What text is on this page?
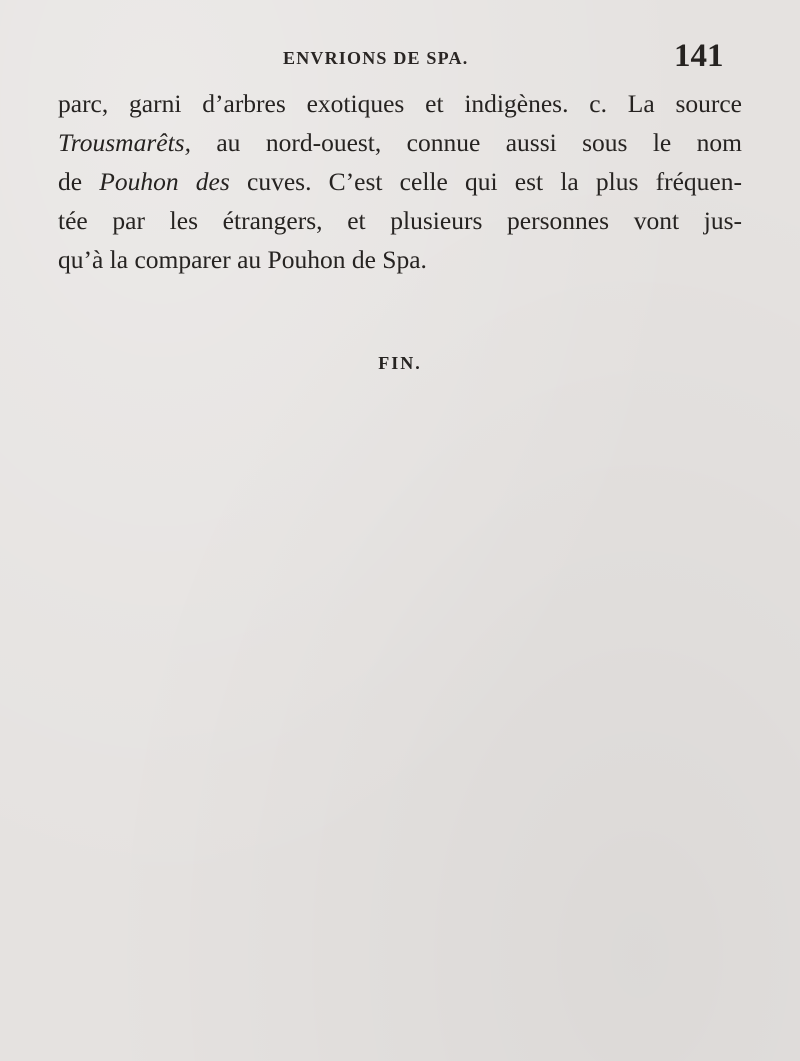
ENVRIONS DE SPA.	141
parc, garni d’arbres exotiques et indigènes. c. La source
Trousmarêts, au nord-ouest, connue aussi sous le nom
de Pouhon des cuves. C’est celle qui est la plus fréquen-
tée par les étrangers, et plusieurs personnes vont jus-
qu’à la comparer au Pouhon de Spa.
FIN.
